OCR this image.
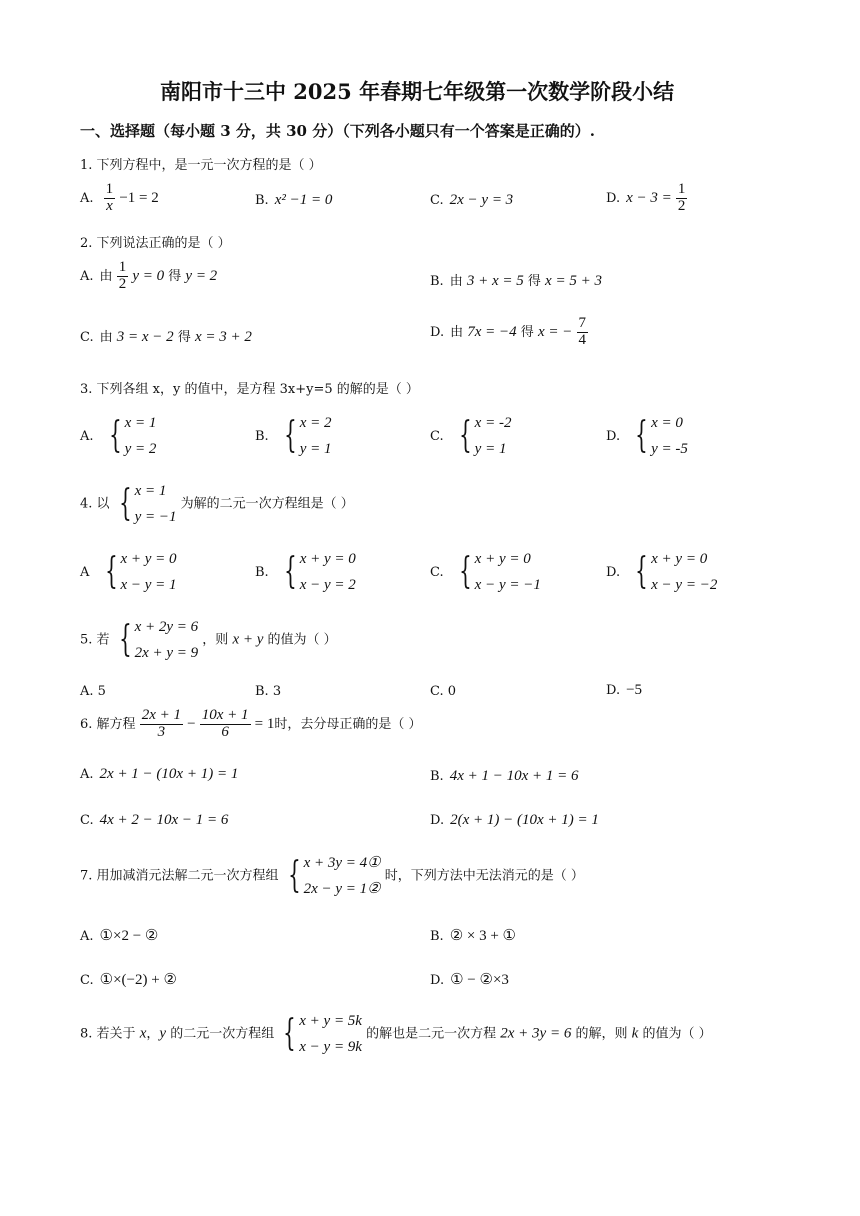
南阳市十三中 2025 年春期七年级第一次数学阶段小结
一、选择题（每小题 3 分，共 30 分）（下列各小题只有一个答案是正确的）.
1. 下列方程中，是一元一次方程的是（ ）
A. $\frac{1}{x} -1 = 2$	B. x² −1 = 0	C. 2x − y = 3	D. $x - 3 = \frac{1}{2}$
2. 下列说法正确的是（ ）
A. 由 $\frac{1}{2}$ y = 0 得 y = 2	B. 由 3 + x = 5 得 x = 5 + 3
C. 由 3 = x − 2 得 x = 3 + 2	D. 由 7x = −4 得 x = − $\frac{7}{4}$
3. 下列各组 x，y 的值中，是方程 3x+y=5 的解的是（ ）
A. { x = 1
y = 2
B. { x = 2
y = 1
C. { x = -2
y = 1
D. { x = 0
y = -5
4. 以 { x = 1
y = −1
为解的二元一次方程组是（ ）
A { x + y = 0
x − y = 1
B. { x + y = 0
x − y = 2
C. { x + y = 0
x − y = −1
D. { x + y = 0
x − y = −2
5. 若 { x + 2y = 6
2x + y = 9
，则 x + y 的值为（ ）
A. 5	B. 3	C. 0	D. −5
6. 解方程 $\frac{2x + 1}{3} - \frac{10x + 1}{6} = 1$时，去分母正确的是（ ）
A. 2x + 1 − (10x + 1) = 1	B. 4x + 1 − 10x + 1 = 6
C. 4x + 2 − 10x − 1 = 6	D. 2(x + 1) − (10x + 1) = 1
7. 用加减消元法解二元一次方程组 { x + 3y = 4①
2x − y = 1②
时，下列方法中无法消元的是（ ）
A. ①×2 − ②	B. ② × 3 + ①
C. ①×(−2) + ②	D. ① − ②×3
8. 若关于 x，y 的二元一次方程组 { x + y = 5k
x − y = 9k
的解也是二元一次方程 2x + 3y = 6 的解，则 k 的值为（ ）
